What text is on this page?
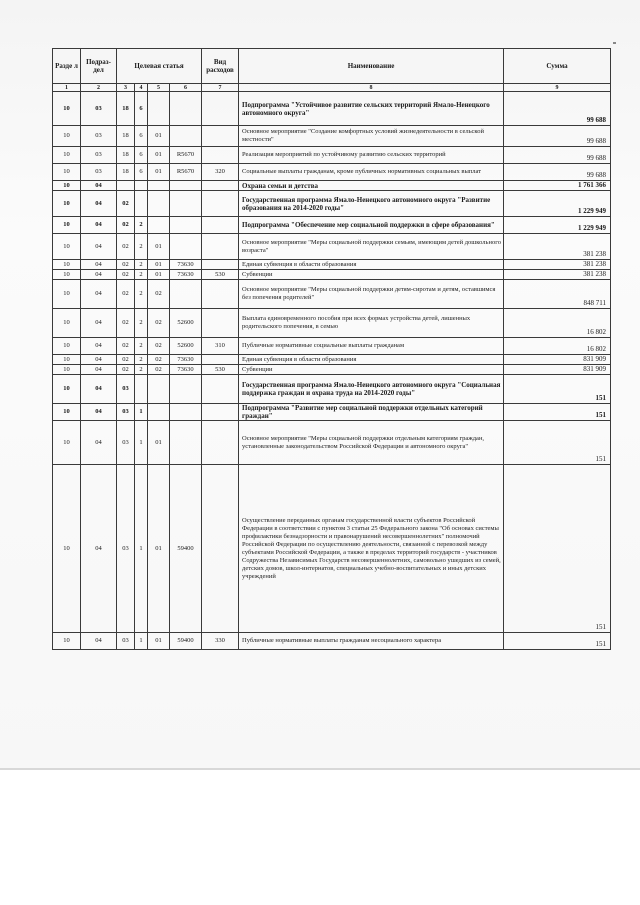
Разде л	Подраз-дел	Целевая статья				Вид расходов	Наименование	Сумма
1	2	3	4	5	6	7	8	9
10	03	18	6				Подпрограмма "Устойчивое развитие сельских территорий Ямало-Ненецкого автономного округа"	99 688
10	03	18	6	01			Основное мероприятие "Создание комфортных условий жизнедеятельности в сельской местности"	99 688
10	03	18	6	01	R5670		Реализация мероприятий по устойчивому развитию сельских территорий	99 688
10	03	18	6	01	R5670	320	Социальные выплаты гражданам, кроме публичных нормативных социальных выплат	99 688
10	04						Охрана семьи и детства	1 761 366
10	04	02					Государственная программа Ямало-Ненецкого автономного округа "Развитие образования на 2014-2020 годы"	1 229 949
10	04	02	2				Подпрограмма "Обеспечение мер социальной поддержки в сфере образования"	1 229 949
10	04	02	2	01			Основное мероприятие "Меры социальной поддержки семьям, имеющим детей дошкольного возраста"	381 238
10	04	02	2	01	73630		Единая субвенция в области образования	381 238
10	04	02	2	01	73630	530	Субвенции	381 238
10	04	02	2	02			Основное мероприятие "Меры социальной поддержки детям-сиротам и детям, оставшимся без попечения родителей"	848 711
10	04	02	2	02	52600		Выплата единовременного пособия при всех формах устройства детей, лишенных родительского попечения, в семью	16 802
10	04	02	2	02	52600	310	Публичные нормативные социальные выплаты гражданам	16 802
10	04	02	2	02	73630		Единая субвенция в области образования	831 909
10	04	02	2	02	73630	530	Субвенции	831 909
10	04	03					Государственная программа Ямало-Ненецкого автономного округа "Социальная поддержка граждан и охрана труда на 2014-2020 годы"	151
10	04	03	1				Подпрограмма "Развитие мер социальной поддержки отдельных категорий граждан"	151
10	04	03	1	01			Основное мероприятие "Меры социальной поддержки отдельным категориям граждан, установленные законодательством Российской Федерации и автономного округа"	151
10	04	03	1	01	59400		Осуществление переданных органам государственной власти субъектов Российской Федерации в соответствии с пунктом 3 статьи 25 Федерального закона "Об основах системы профилактики безнадзорности и правонарушений несовершеннолетних" полномочий Российской Федерации по осуществлению деятельности, связанной с перевозкой между субъектами Российской Федерации, а также в пределах территорий государств - участников Содружества Независимых Государств несовершеннолетних, самовольно ушедших из семей, детских домов, школ-интернатов, специальных учебно-воспитательных и иных детских учреждений	151
10	04	03	1	01	59400	330	Публичные нормативные выплаты гражданам несоциального характера	151
